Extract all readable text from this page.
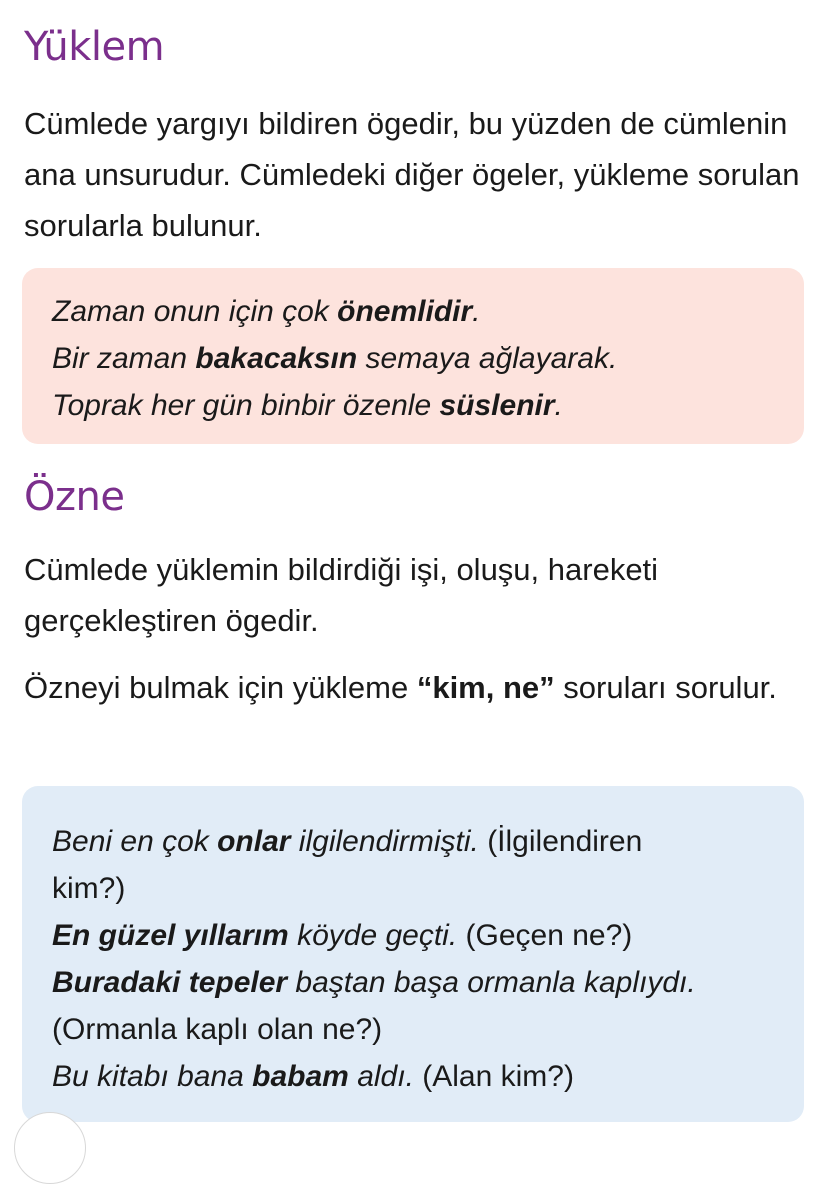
Yüklem

Cümlede yargıyı bildiren ögedir, bu yüzden de cümlenin ana unsurudur. Cümledeki diğer ögeler, yükleme sorulan sorularla bulunur.

Zaman onun için çok önemlidir.
Bir zaman bakacaksın semaya ağlayarak.
Toprak her gün binbir özenle süslenir.
Özne

Cümlede yüklemin bildirdiği işi, oluşu, hareketi gerçekleştiren ögedir.

Özneyi bulmak için yükleme “kim, ne” soruları sorulur.

Beni en çok onlar ilgilendirmişti. (İlgilendiren
kim?)
En güzel yıllarım köyde geçti. (Geçen ne?)
Buradaki tepeler baştan başa ormanla kaplıydı.
(Ormanla kaplı olan ne?)
Bu kitabı bana babam aldı. (Alan kim?)
